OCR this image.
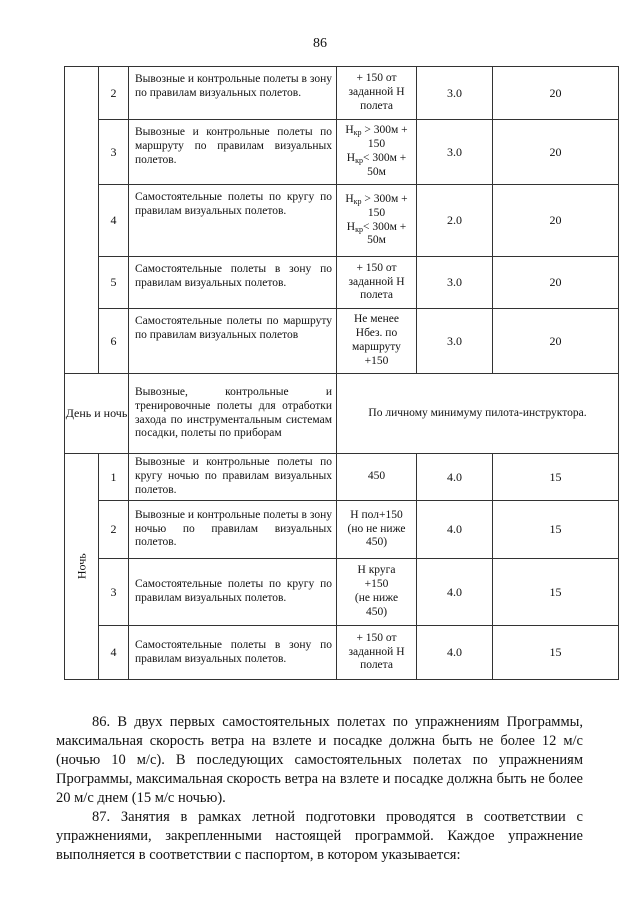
86
	2	Вывозные и контрольные полеты в зону по правилам визуальных полетов.	+ 150 от
заданной Н
полета	3.0	20
	3	Вывозные и контрольные полеты по маршруту по правилам визуальных полетов.	$H_{кр} > 300м$ +
150
$H_{кр}< 300м$ +
50м	3.0	20
	4	Самостоятельные полеты по кругу по правилам визуальных полетов.	$H_{кр} > 300м$ +
150
$H_{кр}< 300м$ +
50м	2.0	20
	5	Самостоятельные полеты в зону по правилам визуальных полетов.	+ 150 от
заданной Н
полета	3.0	20
	6	Самостоятельные полеты по маршруту по правилам визуальных полетов	Не менее
Нбез. по
маршруту
+150	3.0	20
День и ночь		Вывозные, контрольные и тренировочные полеты для отработки захода по инструментальным системам посадки, полеты по приборам	По личному минимуму пилота-инструктора.		
Ночь	1	Вывозные и контрольные полеты по кругу ночью по правилам визуальных полетов.	450	4.0	15
	2	Вывозные и контрольные полеты в зону ночью по правилам визуальных полетов.	Н пол+150
(но не ниже
450)	4.0	15
	3	Самостоятельные полеты по кругу по правилам визуальных полетов.	Н круга
+150
(не ниже
450)	4.0	15
	4	Самостоятельные полеты в зону по правилам визуальных полетов.	+ 150 от
заданной Н
полета	4.0	15

86. В двух первых самостоятельных полетах по упражнениям Программы, максимальная скорость ветра на взлете и посадке должна быть не более 12 м/с (ночью 10 м/с). В последующих самостоятельных полетах по упражнениям Программы, максимальная скорость ветра на взлете и посадке должна быть не более 20 м/с днем (15 м/с ночью).

87. Занятия в рамках летной подготовки проводятся в соответствии с упражнениями, закрепленными настоящей программой. Каждое упражнение выполняется в соответствии с паспортом, в котором указывается:
